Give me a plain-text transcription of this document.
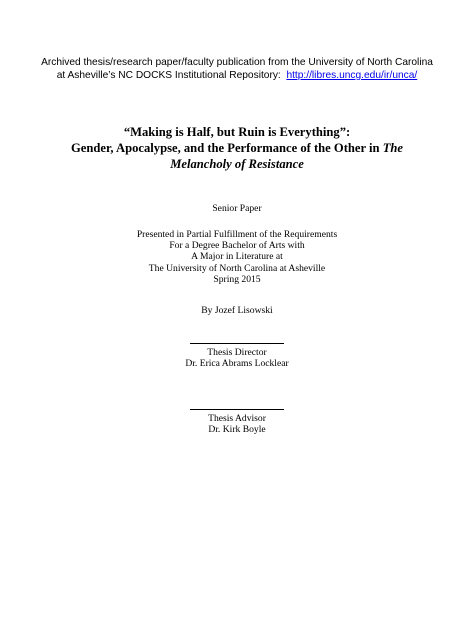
Archived thesis/research paper/faculty publication from the University of North Carolina
at Asheville’s NC DOCKS Institutional Repository: http://libres.uncg.edu/ir/unca/
“Making is Half, but Ruin is Everything”:
Gender, Apocalypse, and the Performance of the Other in The
Melancholy of Resistance
Senior Paper
Presented in Partial Fulfillment of the Requirements
For a Degree Bachelor of Arts with
A Major in Literature at
The University of North Carolina at Asheville
Spring 2015
By Jozef Lisowski
Thesis Director
Dr. Erica Abrams Locklear
Thesis Advisor
Dr. Kirk Boyle
